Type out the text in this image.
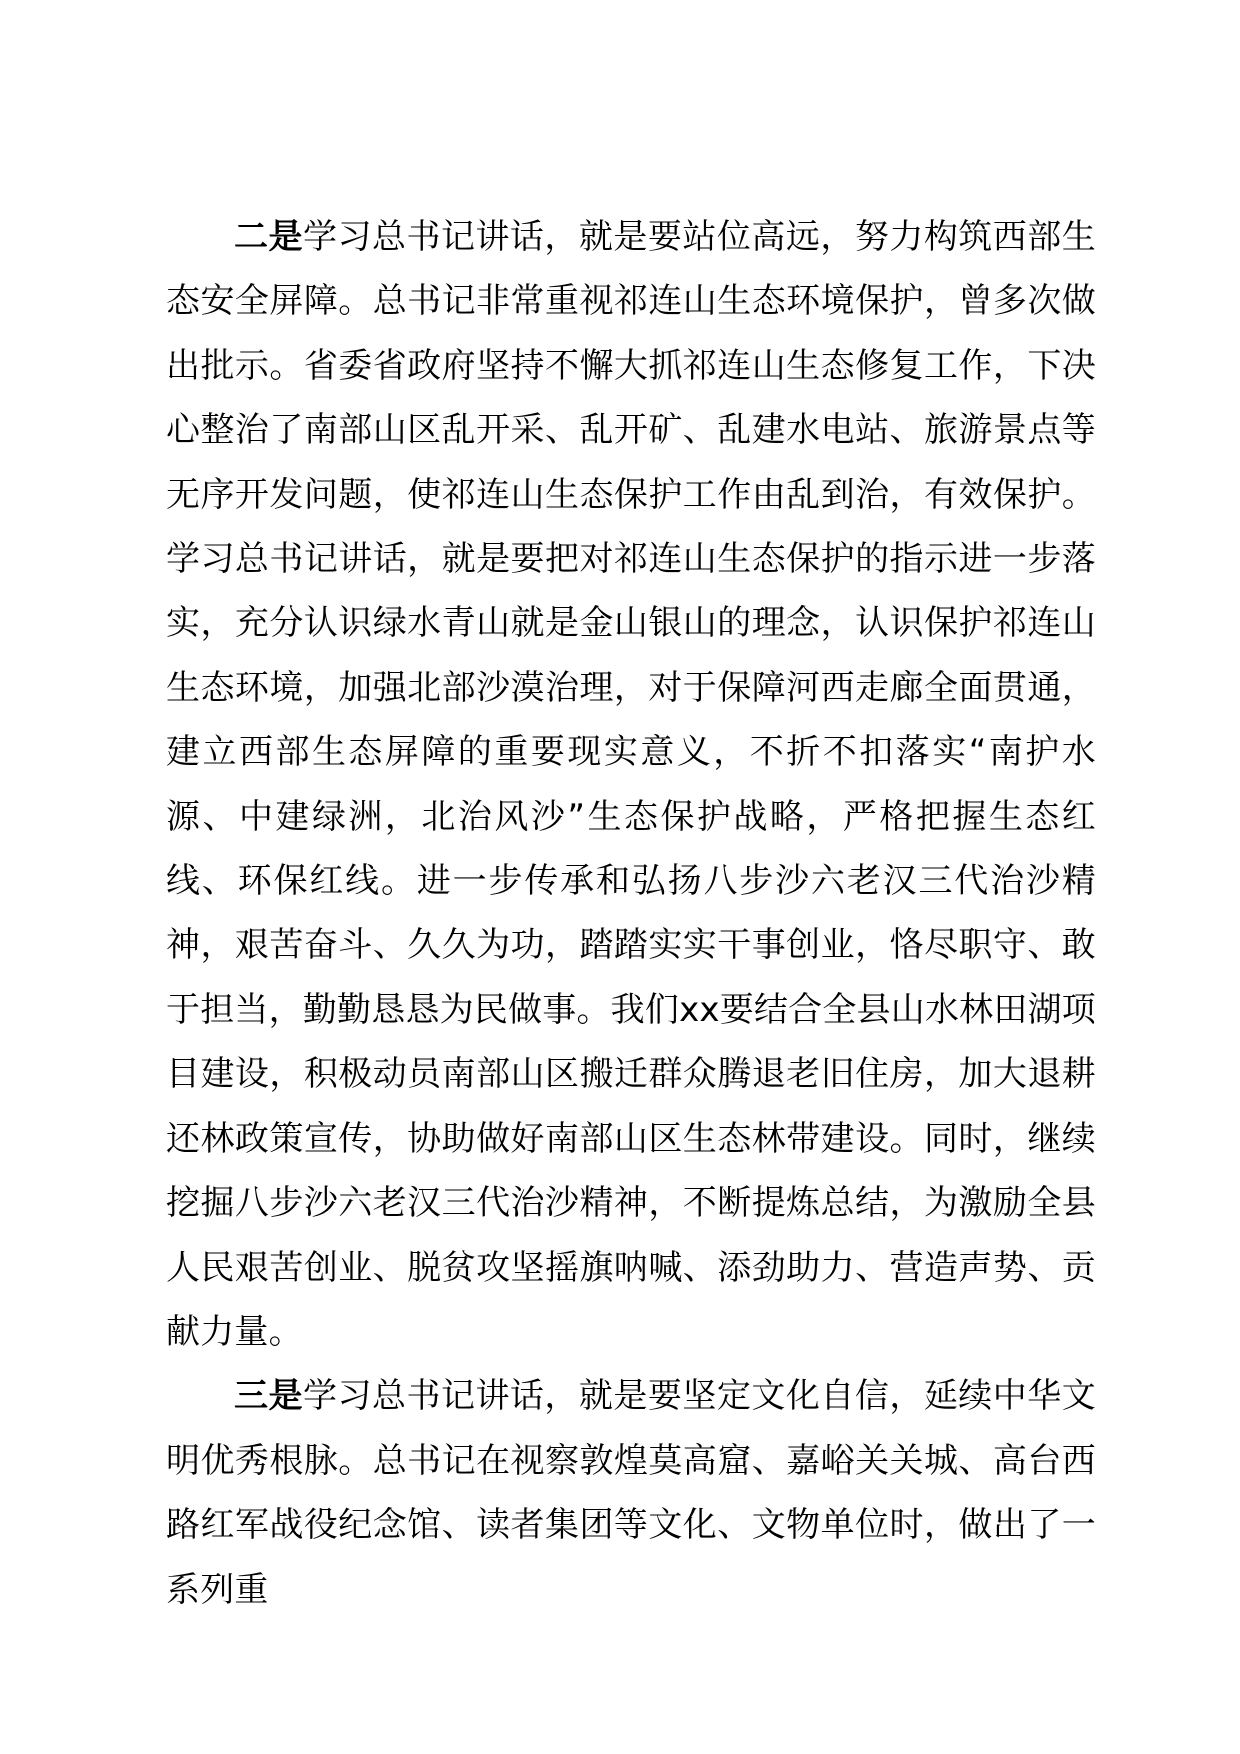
二是学习总书记讲话，就是要站位高远，努力构筑西部生态安全屏障。总书记非常重视祁连山生态环境保护，曾多次做出批示。省委省政府坚持不懈大抓祁连山生态修复工作，下决心整治了南部山区乱开采、乱开矿、乱建水电站、旅游景点等无序开发问题，使祁连山生态保护工作由乱到治，有效保护。学习总书记讲话，就是要把对祁连山生态保护的指示进一步落实，充分认识绿水青山就是金山银山的理念，认识保护祁连山生态环境，加强北部沙漠治理，对于保障河西走廊全面贯通，建立西部生态屏障的重要现实意义，不折不扣落实“南护水源、中建绿洲，北治风沙”生态保护战略，严格把握生态红线、环保红线。进一步传承和弘扬八步沙六老汉三代治沙精神，艰苦奋斗、久久为功，踏踏实实干事创业，恪尽职守、敢于担当，勤勤恳恳为民做事。我们xx要结合全县山水林田湖项目建设，积极动员南部山区搬迁群众腾退老旧住房，加大退耕还林政策宣传，协助做好南部山区生态林带建设。同时，继续挖掘八步沙六老汉三代治沙精神，不断提炼总结，为激励全县人民艰苦创业、脱贫攻坚摇旗呐喊、添劲助力、营造声势、贡献力量。

三是学习总书记讲话，就是要坚定文化自信，延续中华文明优秀根脉。总书记在视察敦煌莫高窟、嘉峪关关城、高台西路红军战役纪念馆、读者集团等文化、文物单位时，做出了一系列重
